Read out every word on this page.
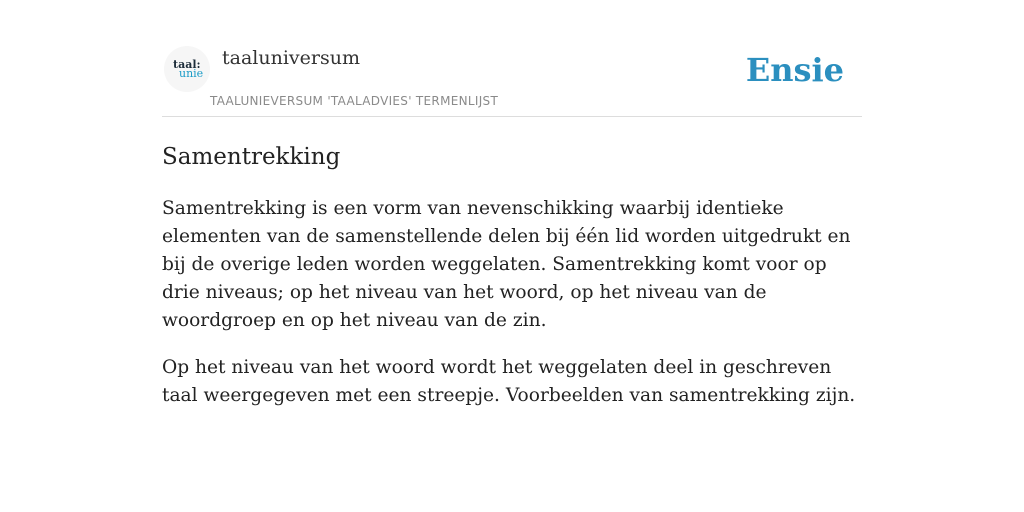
taal:
unie
taaluniversum
TAALUNIEVERSUM 'TAALADVIES' TERMENLIJST
Ensie
Samentrekking

Samentrekking is een vorm van nevenschikking waarbij identieke elementen van de samenstellende delen bij één lid worden uitgedrukt en bij de overige leden worden weggelaten. Samentrekking komt voor op drie niveaus; op het niveau van het woord, op het niveau van de woordgroep en op het niveau van de zin.

Op het niveau van het woord wordt het weggelaten deel in geschreven taal weergegeven met een streepje. Voorbeelden van samentrekking zijn.
